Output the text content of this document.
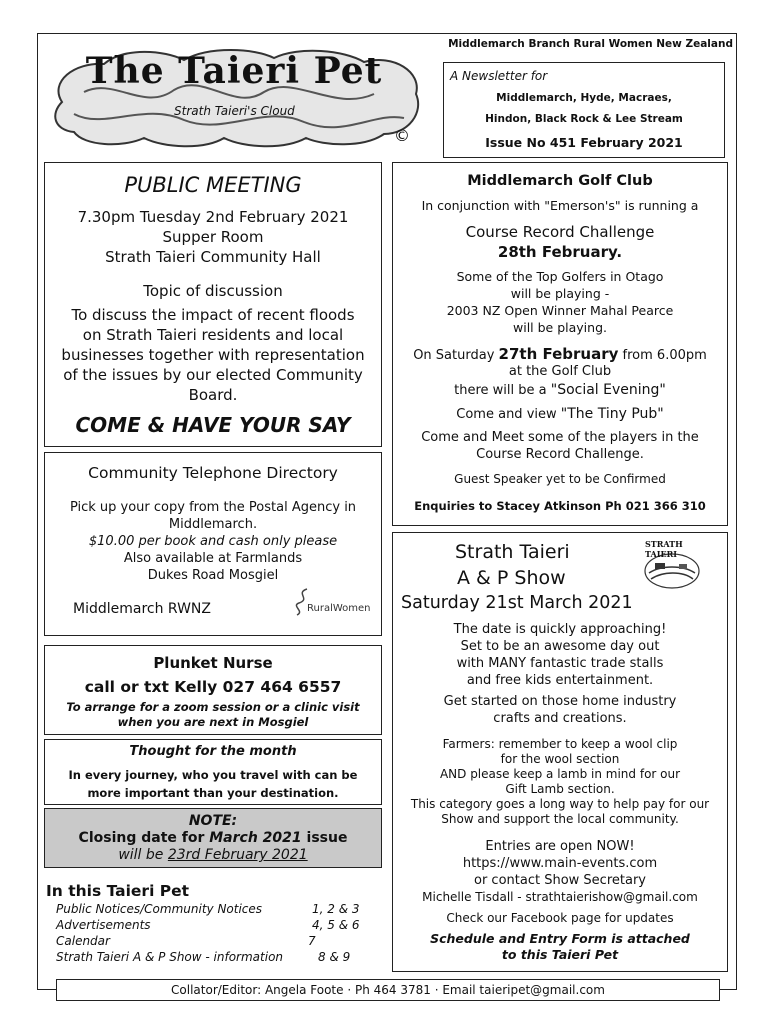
The Taieri Pet
Strath Taieri's Cloud
©
Middlemarch Branch Rural Women New Zealand
A Newsletter for
Middlemarch, Hyde, Macraes,
Hindon, Black Rock & Lee Stream
Issue No 451 February 2021
PUBLIC MEETING
7.30pm Tuesday 2nd February 2021
Supper Room
Strath Taieri Community Hall
Topic of discussion
To discuss the impact of recent floods
on Strath Taieri residents and local
businesses together with representation
of the issues by our elected Community
Board.
COME & HAVE YOUR SAY
Community Telephone Directory
Pick up your copy from the Postal Agency in
Middlemarch.
$10.00 per book and cash only please
Also available at Farmlands
Dukes Road Mosgiel
Middlemarch RWNZ	RuralWomen
Plunket Nurse
call or txt Kelly 027 464 6557
To arrange for a zoom session or a clinic visit
when you are next in Mosgiel
Thought for the month
In every journey, who you travel with can be
more important than your destination.
NOTE:
Closing date for March 2021 issue
will be 23rd February 2021
In this Taieri Pet
Public Notices/Community Notices	1, 2 & 3
Advertisements	4, 5 & 6
Calendar	7
Strath Taieri A & P Show - information	8 & 9
Middlemarch Golf Club
In conjunction with "Emerson's" is running a
Course Record Challenge
28th February.
Some of the Top Golfers in Otago
will be playing -
2003 NZ Open Winner Mahal Pearce
will be playing.
On Saturday 27th February from 6.00pm
at the Golf Club
there will be a "Social Evening"
Come and view "The Tiny Pub"
Come and Meet some of the players in the
Course Record Challenge.
Guest Speaker yet to be Confirmed
Enquiries to Stacey Atkinson Ph 021 366 310
Strath Taieri
A & P Show
Saturday 21st March 2021
STRATH TAIERI
The date is quickly approaching!
Set to be an awesome day out
with MANY fantastic trade stalls
and free kids entertainment.
Get started on those home industry
crafts and creations.
Farmers: remember to keep a wool clip
for the wool section
AND please keep a lamb in mind for our
Gift Lamb section.
This category goes a long way to help pay for our
Show and support the local community.
Entries are open NOW!
https://www.main-events.com
or contact Show Secretary
Michelle Tisdall - strathtaierishow@gmail.com
Check our Facebook page for updates
Schedule and Entry Form is attached
to this Taieri Pet
Collator/Editor: Angela Foote · Ph 464 3781 · Email taieripet@gmail.com
